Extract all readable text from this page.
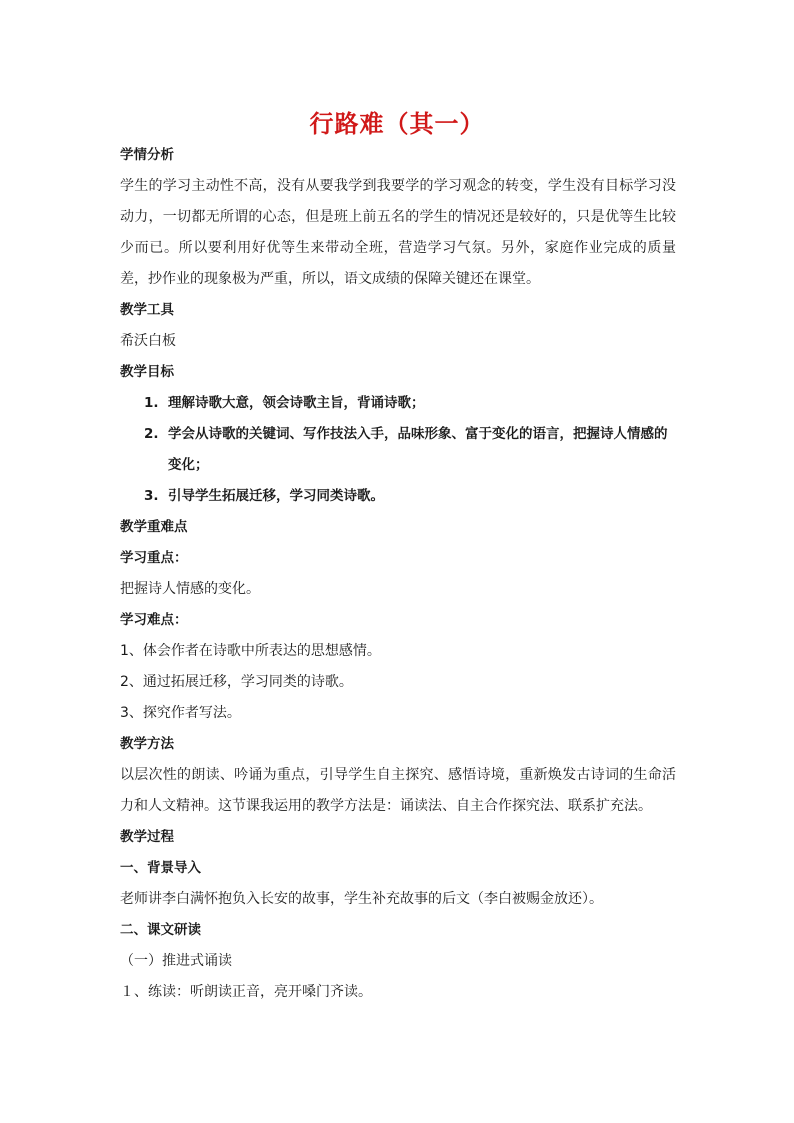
行路难（其一）
学情分析
学生的学习主动性不高，没有从要我学到我要学的学习观念的转变，学生没有目标学习没动力，一切都无所谓的心态，但是班上前五名的学生的情况还是较好的，只是优等生比较少而已。所以要利用好优等生来带动全班，营造学习气氛。另外，家庭作业完成的质量差，抄作业的现象极为严重，所以，语文成绩的保障关键还在课堂。
教学工具
希沃白板
教学目标
1. 理解诗歌大意，领会诗歌主旨，背诵诗歌；
2. 学会从诗歌的关键词、写作技法入手，品味形象、富于变化的语言，把握诗人情感的变化；
3. 引导学生拓展迁移，学习同类诗歌。
教学重难点
学习重点：
把握诗人情感的变化。
学习难点：
1、体会作者在诗歌中所表达的思想感情。
2、通过拓展迁移，学习同类的诗歌。
3、探究作者写法。
教学方法
以层次性的朗读、吟诵为重点，引导学生自主探究、感悟诗境，重新焕发古诗词的生命活力和人文精神。这节课我运用的教学方法是：诵读法、自主合作探究法、联系扩充法。
教学过程
一、背景导入
老师讲李白满怀抱负入长安的故事，学生补充故事的后文（李白被赐金放还）。
二、课文研读
（一）推进式诵读
１、练读：听朗读正音，亮开嗓门齐读。
